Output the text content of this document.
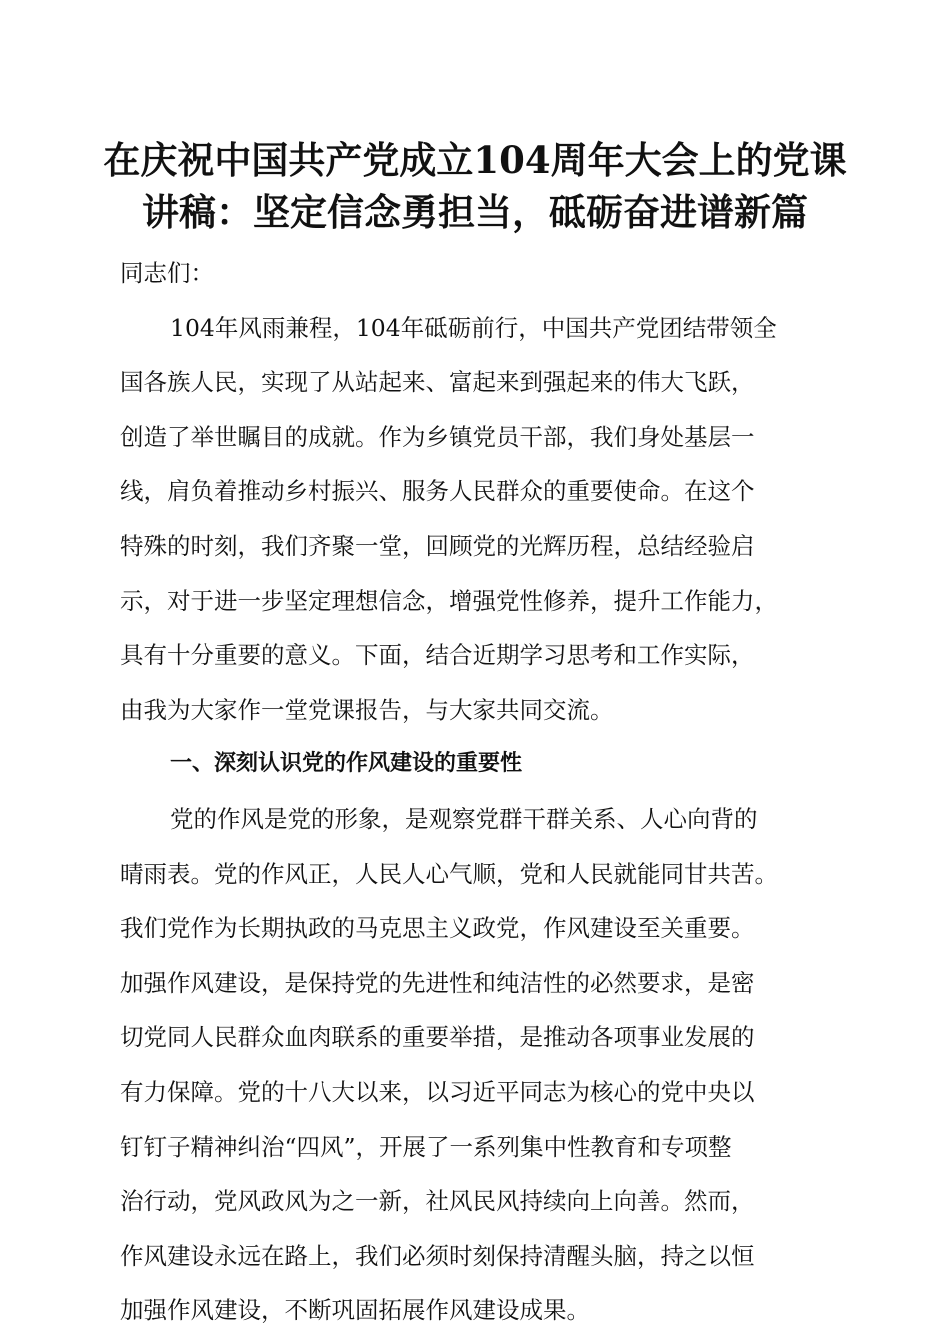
在庆祝中国共产党成立104周年大会上的党课
讲稿：坚定信念勇担当，砥砺奋进谱新篇

同志们：

104年风雨兼程，104年砥砺前行，中国共产党团结带领全

国各族人民，实现了从站起来、富起来到强起来的伟大飞跃，

创造了举世瞩目的成就。作为乡镇党员干部，我们身处基层一

线，肩负着推动乡村振兴、服务人民群众的重要使命。在这个

特殊的时刻，我们齐聚一堂，回顾党的光辉历程，总结经验启

示，对于进一步坚定理想信念，增强党性修养，提升工作能力，

具有十分重要的意义。下面，结合近期学习思考和工作实际，

由我为大家作一堂党课报告，与大家共同交流。

一、深刻认识党的作风建设的重要性

党的作风是党的形象，是观察党群干群关系、人心向背的

晴雨表。党的作风正，人民人心气顺，党和人民就能同甘共苦。

我们党作为长期执政的马克思主义政党，作风建设至关重要。

加强作风建设，是保持党的先进性和纯洁性的必然要求，是密

切党同人民群众血肉联系的重要举措，是推动各项事业发展的

有力保障。党的十八大以来，以习近平同志为核心的党中央以

钉钉子精神纠治“四风”，开展了一系列集中性教育和专项整

治行动，党风政风为之一新，社风民风持续向上向善。然而，

作风建设永远在路上，我们必须时刻保持清醒头脑，持之以恒

加强作风建设，不断巩固拓展作风建设成果。
